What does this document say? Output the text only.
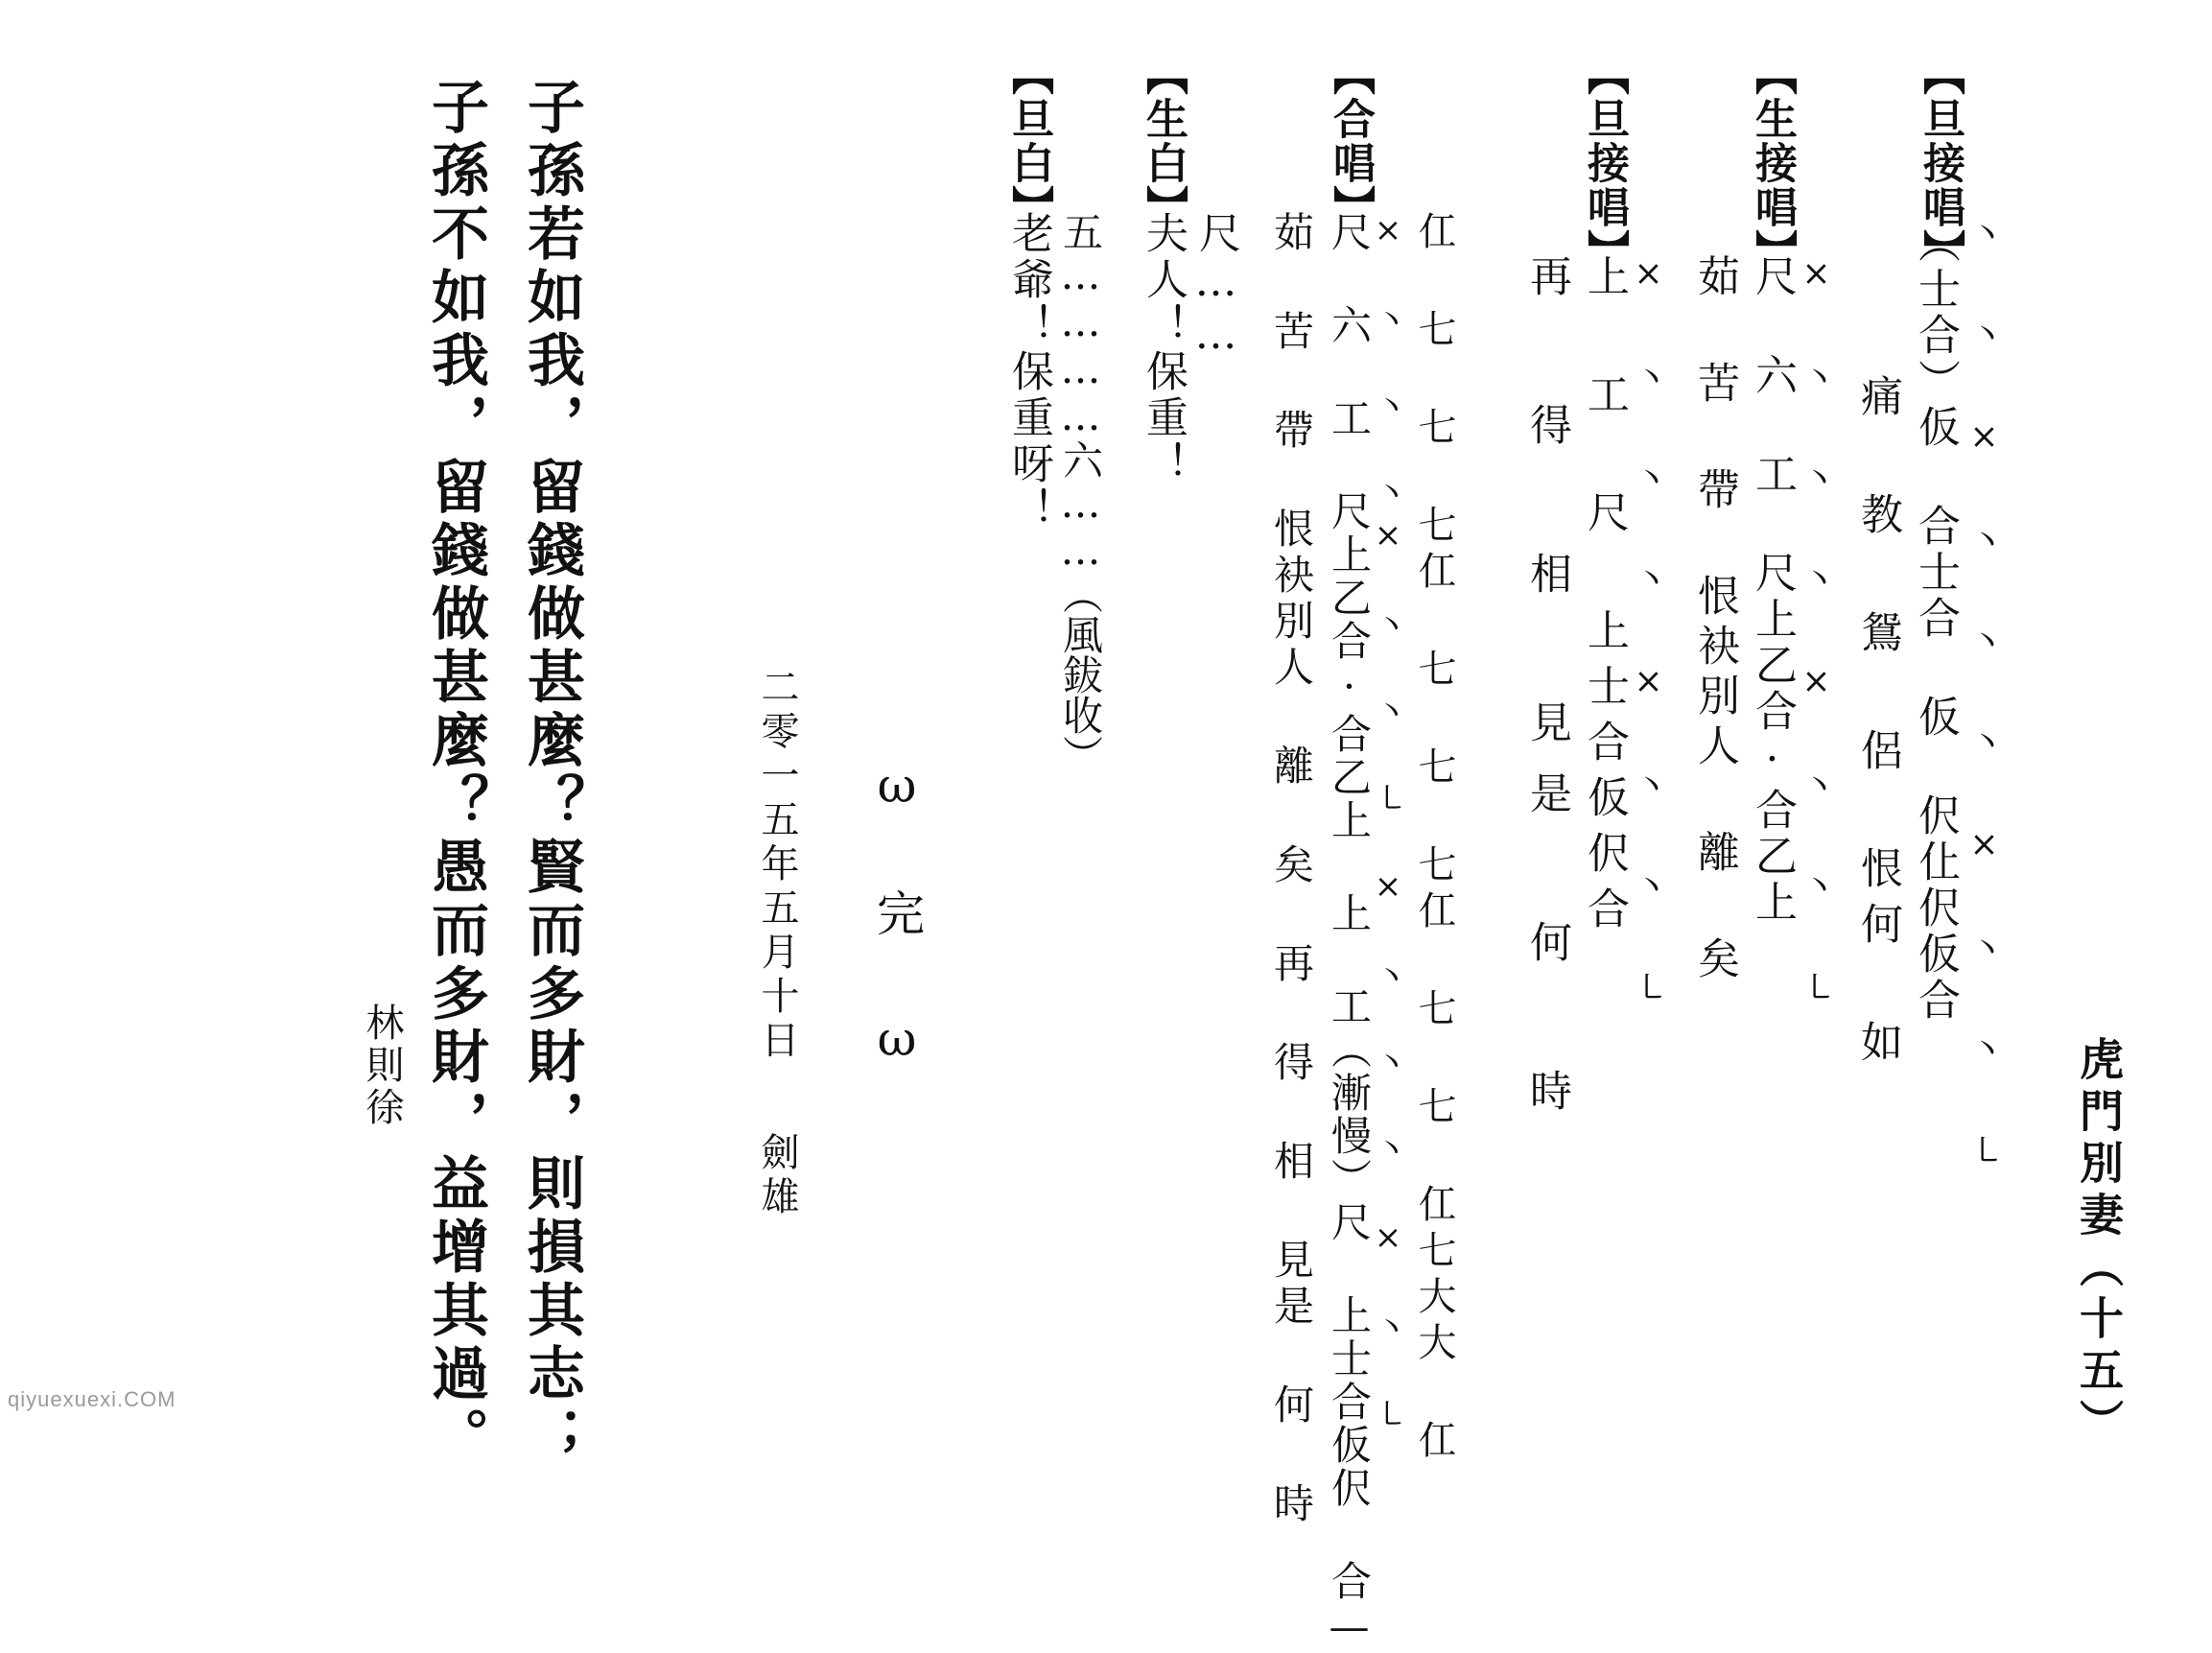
虎門別妻（十五）
【旦接唱】
丶 丶 × 丶 丶 丶 × 丶 丶 ㇄
（士合）仮 合士合 仮 伬仩伬仮合
痛 教 鴛 侶 恨何 如
【生接唱】
× 丶 丶 丶 × 丶 丶 ㇄
尺 六 工 尺上乙合·合乙上
茹 苦 帶 恨袂別人 離 矣
【旦接唱】
× 丶 丶 丶 × 丶 丶 ㇄
上 工 尺 上士合仮伬合
再 得 相 見是 何 時
【合唱】
仜 七 七 七仜 七 七 七仜 七 七 仜七大大 仜
× 丶 丶 丶× 丶 丶 ㇄ × 丶 丶 丶 × 丶 ㇄
尺 六 工 尺上乙合·合乙上 上 工（漸慢）尺 上士合仮伬 合—
茹 苦 帶 恨袂別人 離 矣 再 得 相 見是 何 時
【生白】
尺……
夫人！保重！
【旦白】
五…………六……（風鈸收）
老爺！保重呀！
ω 完 ω
二零一五年五月十日
劍雄
子孫若如我，留錢做甚麼？賢而多財，則損其志；
子孫不如我，留錢做甚麼？愚而多財，益增其過。
林則徐
qiyuexuexi.COM
